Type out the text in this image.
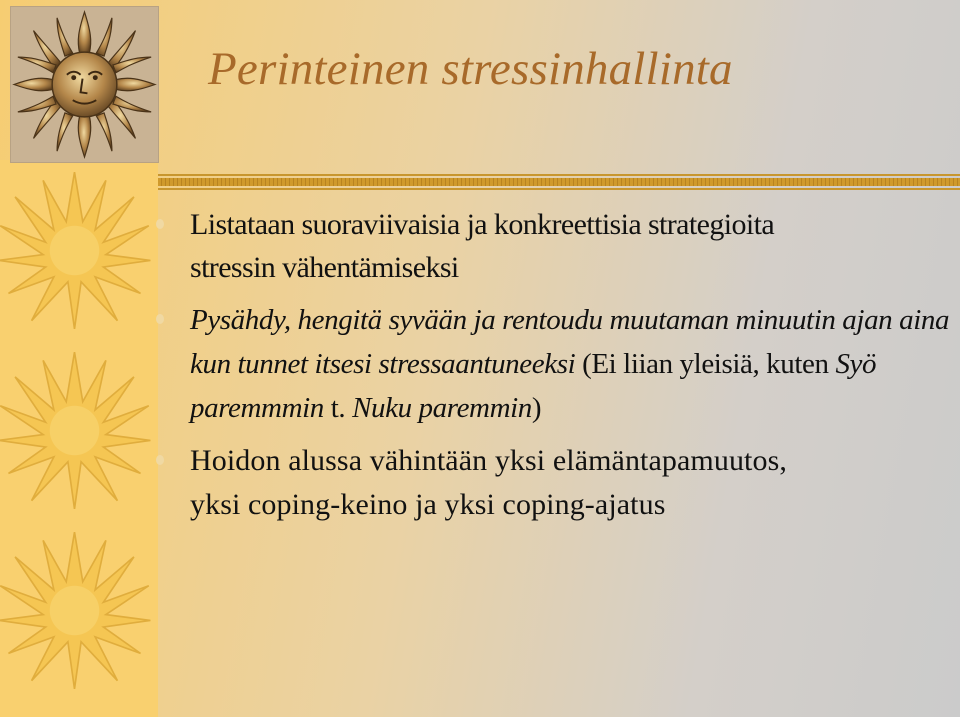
Perinteinen stressinhallinta
Listataan suoraviivaisia ja konkreettisia strategioita
stressin vähentämiseksi
Pysähdy, hengitä syvään ja rentoudu muutaman minuutin ajan aina kun tunnet itsesi stressaantuneeksi (Ei liian yleisiä, kuten Syö paremmmin t. Nuku paremmin)
Hoidon alussa vähintään yksi elämäntapamuutos,
yksi coping-keino ja yksi coping-ajatus
